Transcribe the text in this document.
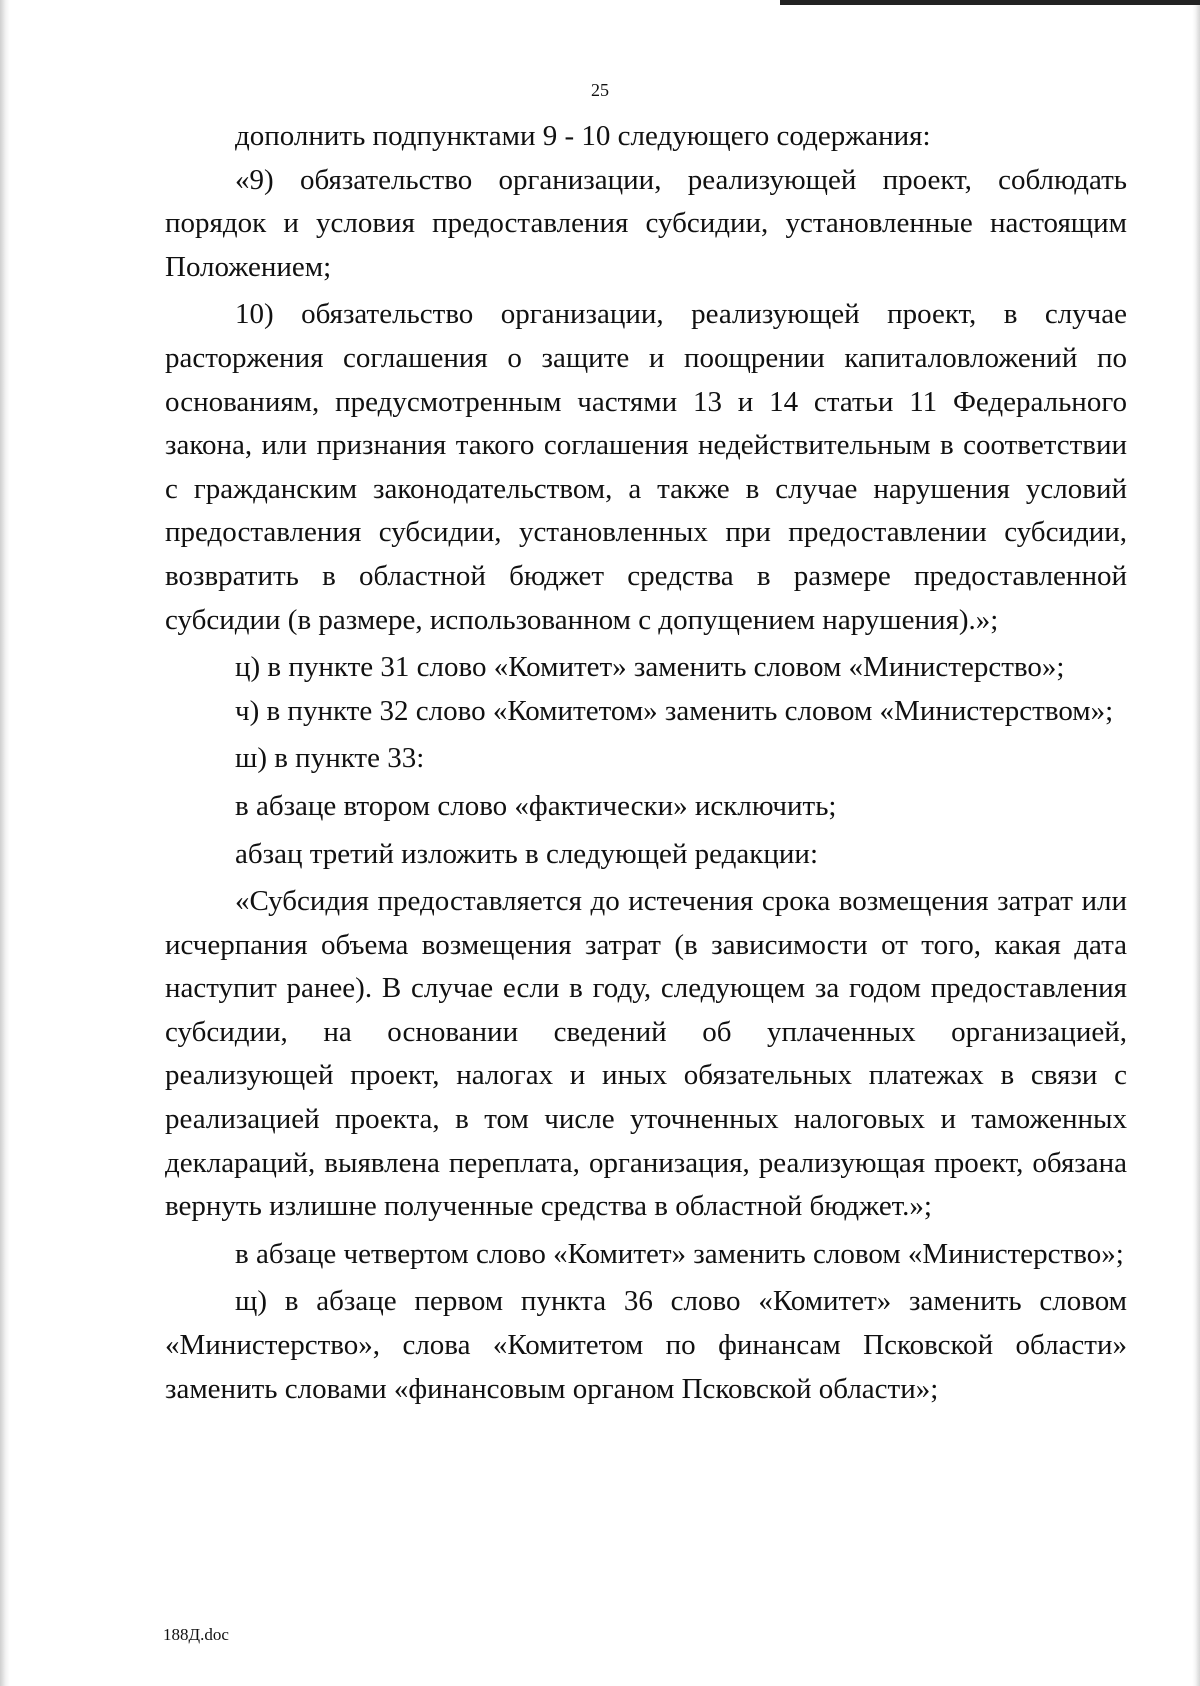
25

дополнить подпунктами 9 - 10 следующего содержания:

«9) обязательство организации, реализующей проект, соблюдать порядок и условия предоставления субсидии, установленные настоящим Положением;

10) обязательство организации, реализующей проект, в случае расторжения соглашения о защите и поощрении капиталовложений по основаниям, предусмотренным частями 13 и 14 статьи 11 Федерального закона, или признания такого соглашения недействительным в соответствии с гражданским законодательством, а также в случае нарушения условий предоставления субсидии, установленных при предоставлении субсидии, возвратить в областной бюджет средства в размере предоставленной субсидии (в размере, использованном с допущением нарушения).»;

ц) в пункте 31 слово «Комитет» заменить словом «Министерство»;

ч) в пункте 32 слово «Комитетом» заменить словом «Министерством»;

ш) в пункте 33:

в абзаце втором слово «фактически» исключить;

абзац третий изложить в следующей редакции:

«Субсидия предоставляется до истечения срока возмещения затрат или исчерпания объема возмещения затрат (в зависимости от того, какая дата наступит ранее). В случае если в году, следующем за годом предоставления субсидии, на основании сведений об уплаченных организацией, реализующей проект, налогах и иных обязательных платежах в связи с реализацией проекта, в том числе уточненных налоговых и таможенных деклараций, выявлена переплата, организация, реализующая проект, обязана вернуть излишне полученные средства в областной бюджет.»;

в абзаце четвертом слово «Комитет» заменить словом «Министерство»;

щ) в абзаце первом пункта 36 слово «Комитет» заменить словом «Министерство», слова «Комитетом по финансам Псковской области» заменить словами «финансовым органом Псковской области»;

188Д.doc
